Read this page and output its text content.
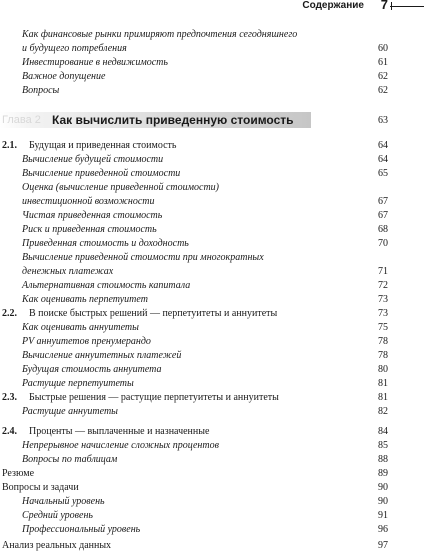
Содержание 7
Глава 2 Как вычислить приведенную стоимость	63
Как финансовые рынки примиряют предпочтения сегодняшнего
и будущего потребления	60
Инвестирование в недвижимость	61
Важное допущение	62
Вопросы	62
2.1. Будущая и приведенная стоимость	64
Вычисление будущей стоимости	64
Вычисление приведенной стоимости	65
Оценка (вычисление приведенной стоимости)
инвестиционной возможности	67
Чистая приведенная стоимость	67
Риск и приведенная стоимость	68
Приведенная стоимость и доходность	70
Вычисление приведенной стоимости при многократных
денежных платежах	71
Альтернативная стоимость капитала	72
Как оценивать перпетуитет	73
2.2. В поиске быстрых решений — перпетуитеты и аннуитеты	73
Как оценивать аннуитеты	75
PV аннуитетов пренумерандо	78
Вычисление аннуитетных платежей	78
Будущая стоимость аннуитета	80
Растущие перпетуитеты	81
2.3. Быстрые решения — растущие перпетуитеты и аннуитеты	81
Растущие аннуитеты	82
2.4. Проценты — выплаченные и назначенные	84
Непрерывное начисление сложных процентов	85
Вопросы по таблицам	88
Резюме	89
Вопросы и задачи	90
Начальный уровень	90
Средний уровень	91
Профессиональный уровень	96
Анализ реальных данных	97
